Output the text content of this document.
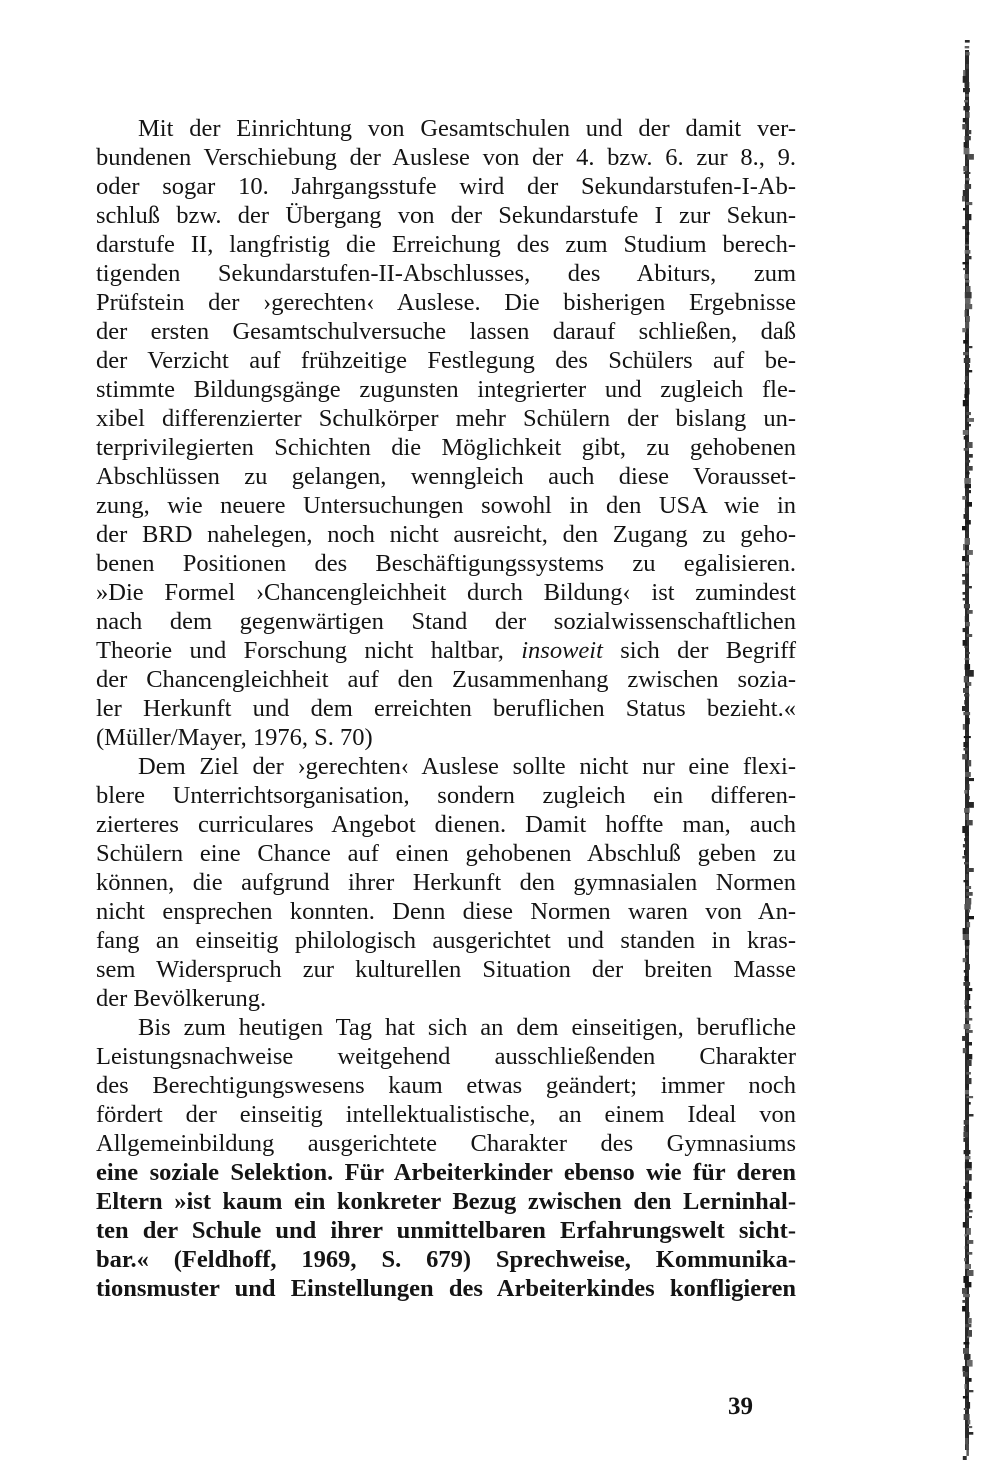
Mit der Einrichtung von Gesamtschulen und der damit ver-
bundenen Verschiebung der Auslese von der 4. bzw. 6. zur 8., 9.
oder sogar 10. Jahrgangsstufe wird der Sekundarstufen-I-Ab-
schluß bzw. der Übergang von der Sekundarstufe I zur Sekun-
darstufe II, langfristig die Erreichung des zum Studium berech-
tigenden Sekundarstufen-II-Abschlusses, des Abiturs, zum
Prüfstein der ›gerechten‹ Auslese. Die bisherigen Ergebnisse
der ersten Gesamtschulversuche lassen darauf schließen, daß
der Verzicht auf frühzeitige Festlegung des Schülers auf be-
stimmte Bildungsgänge zugunsten integrierter und zugleich fle-
xibel differenzierter Schulkörper mehr Schülern der bislang un-
terprivilegierten Schichten die Möglichkeit gibt, zu gehobenen
Abschlüssen zu gelangen, wenngleich auch diese Vorausset-
zung, wie neuere Untersuchungen sowohl in den USA wie in
der BRD nahelegen, noch nicht ausreicht, den Zugang zu geho-
benen Positionen des Beschäftigungssystems zu egalisieren.
»Die Formel ›Chancengleichheit durch Bildung‹ ist zumindest
nach dem gegenwärtigen Stand der sozialwissenschaftlichen
Theorie und Forschung nicht haltbar, insoweit sich der Begriff
der Chancengleichheit auf den Zusammenhang zwischen sozia-
ler Herkunft und dem erreichten beruflichen Status bezieht.«
(Müller/Mayer, 1976, S. 70)
Dem Ziel der ›gerechten‹ Auslese sollte nicht nur eine flexi-
blere Unterrichtsorganisation, sondern zugleich ein differen-
zierteres curriculares Angebot dienen. Damit hoffte man, auch
Schülern eine Chance auf einen gehobenen Abschluß geben zu
können, die aufgrund ihrer Herkunft den gymnasialen Normen
nicht ensprechen konnten. Denn diese Normen waren von An-
fang an einseitig philologisch ausgerichtet und standen in kras-
sem Widerspruch zur kulturellen Situation der breiten Masse
der Bevölkerung.
Bis zum heutigen Tag hat sich an dem einseitigen, berufliche
Leistungsnachweise weitgehend ausschließenden Charakter
des Berechtigungswesens kaum etwas geändert; immer noch
fördert der einseitig intellektualistische, an einem Ideal von
Allgemeinbildung ausgerichtete Charakter des Gymnasiums
eine soziale Selektion. Für Arbeiterkinder ebenso wie für deren
Eltern »ist kaum ein konkreter Bezug zwischen den Lerninhal-
ten der Schule und ihrer unmittelbaren Erfahrungswelt sicht-
bar.« (Feldhoff, 1969, S. 679) Sprechweise, Kommunika-
tionsmuster und Einstellungen des Arbeiterkindes konfligieren
39
